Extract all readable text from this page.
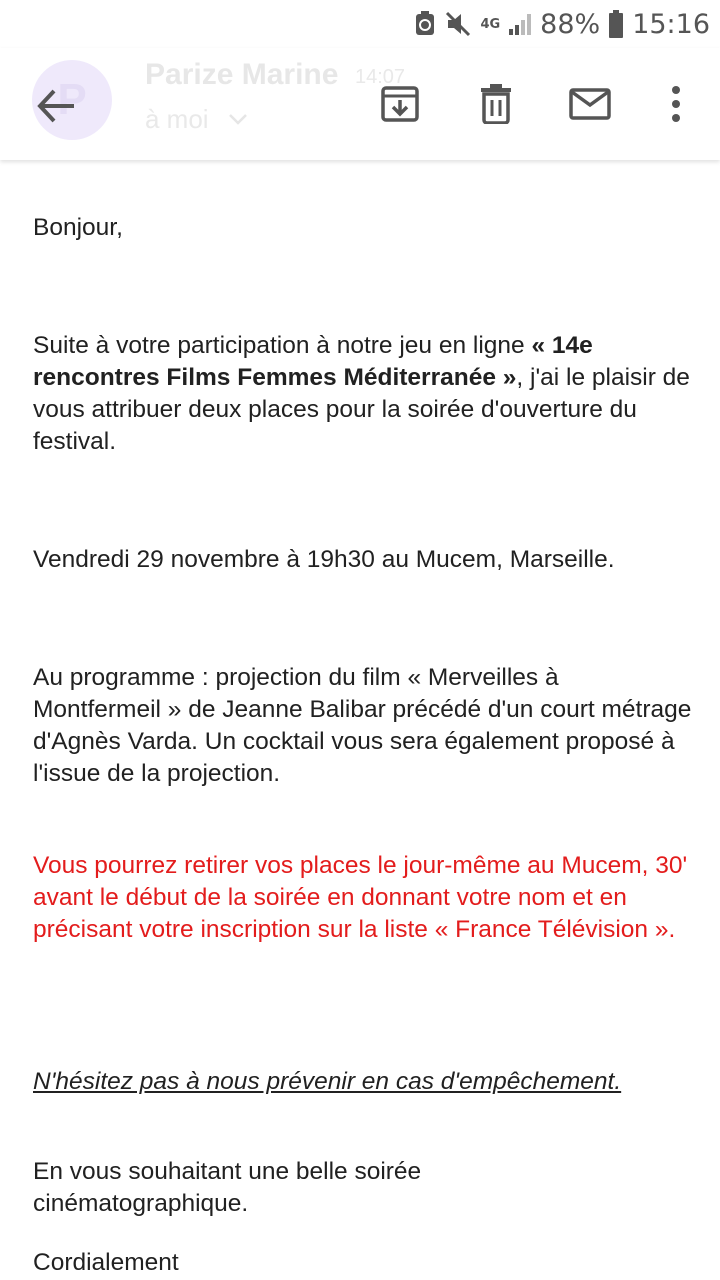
4G 88% 15:16
P
Parize Marine 14:07
à moi

Bonjour,

Suite à votre participation à notre jeu en ligne « 14e rencontres Films Femmes Méditerranée », j'ai le plaisir de vous attribuer deux places pour la soirée d'ouverture du festival.

Vendredi 29 novembre à 19h30 au Mucem, Marseille.

Au programme : projection du film « Merveilles à Montfermeil » de Jeanne Balibar précédé d'un court métrage d'Agnès Varda. Un cocktail vous sera également proposé à l'issue de la projection.

Vous pourrez retirer vos places le jour-même au Mucem, 30' avant le début de la soirée en donnant votre nom et en précisant votre inscription sur la liste « France Télévision ».

N'hésitez pas à nous prévenir en cas d'empêchement.

En vous souhaitant une belle soirée cinématographique.

Cordialement
